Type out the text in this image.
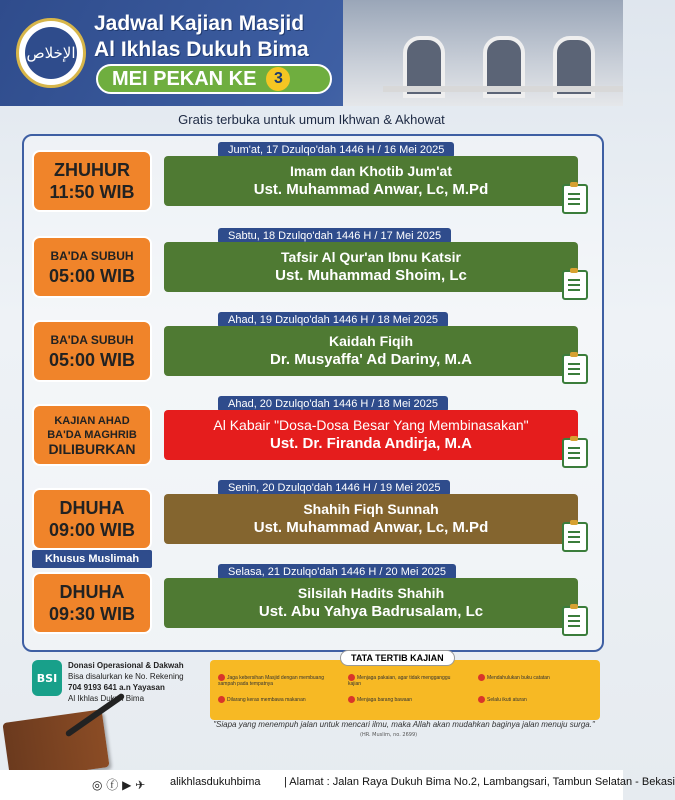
الإخلاص
Jadwal Kajian Masjid
Al Ikhlas Dukuh Bima
MEI PEKAN KE	3
Gratis terbuka untuk umum Ikhwan & Akhowat
ZHUHUR
11:50 WIB
Jum'at, 17 Dzulqo'dah 1446 H / 16 Mei 2025
Imam dan Khotib Jum'at
Ust. Muhammad Anwar, Lc, M.Pd
BA'DA SUBUH
05:00 WIB
Sabtu, 18 Dzulqo'dah 1446 H / 17 Mei 2025
Tafsir Al Qur'an Ibnu Katsir
Ust. Muhammad Shoim, Lc
BA'DA SUBUH
05:00 WIB
Ahad, 19 Dzulqo'dah 1446 H / 18 Mei 2025
Kaidah Fiqih
Dr. Musyaffa' Ad Dariny, M.A
KAJIAN AHAD
BA'DA MAGHRIB
DILIBURKAN
Ahad, 20 Dzulqo'dah 1446 H / 18 Mei 2025
Al Kabair "Dosa-Dosa Besar Yang Membinasakan"
Ust. Dr. Firanda Andirja, M.A
DHUHA
09:00 WIB
Khusus Muslimah
Senin, 20 Dzulqo'dah 1446 H / 19 Mei 2025
Shahih Fiqh Sunnah
Ust. Muhammad Anwar, Lc, M.Pd
DHUHA
09:30 WIB
Selasa, 21 Dzulqo'dah 1446 H / 20 Mei 2025
Silsilah Hadits Shahih
Ust. Abu Yahya Badrusalam, Lc
BSI
Donasi Operasional & Dakwah
Bisa disalurkan ke No. Rekening
704 9193 641 a.n Yayasan
Al Ikhlas Dukuh Bima
TATA TERTIB KAJIAN
Jaga kebersihan Masjid dengan membuang sampah pada tempatnya
Menjaga pakaian, agar tidak mengganggu kajian
Mendahulukan buku catatan
Dilarang keras membawa makanan	Menjaga barang bawaan	Selalu ikuti aturan
"Siapa yang menempuh jalan untuk mencari ilmu, maka Allah akan mudahkan baginya jalan menuju surga."
(HR. Muslim, no. 2699)
◎ ⓕ ▶ ✈ alikhlasdukuhbima | Alamat : Jalan Raya Dukuh Bima No.2, Lambangsari, Tambun Selatan - Bekasi
